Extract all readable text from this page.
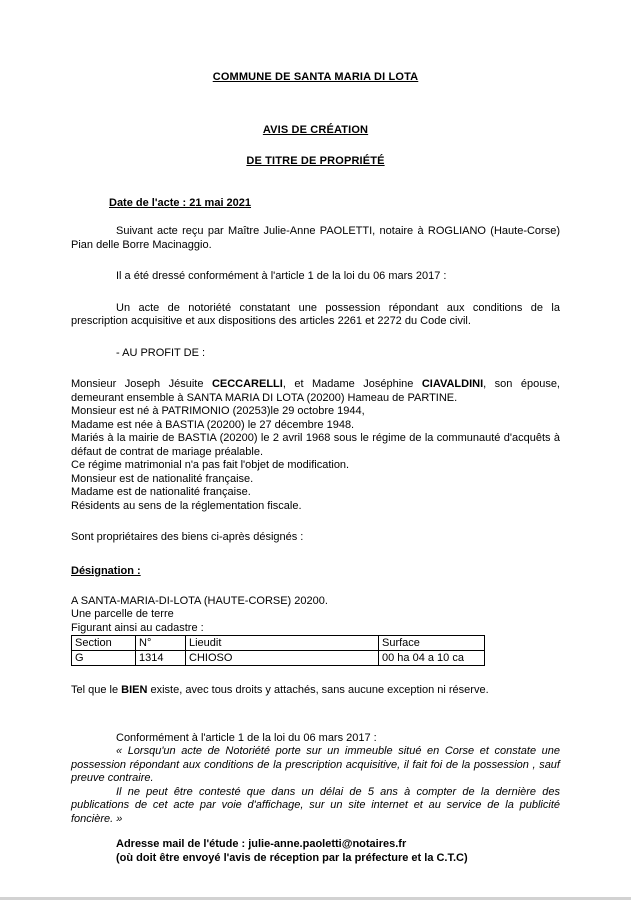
COMMUNE DE SANTA MARIA DI LOTA
AVIS DE CRÉATION
DE TITRE DE PROPRIÉTÉ
Date de l'acte : 21 mai 2021

Suivant acte reçu par Maître Julie-Anne PAOLETTI, notaire à ROGLIANO (Haute-Corse) Pian delle Borre Macinaggio.

Il a été dressé conformément à l'article 1 de la loi du 06 mars 2017 :

Un acte de notoriété constatant une possession répondant aux conditions de la prescription acquisitive et aux dispositions des articles 2261 et 2272 du Code civil.

- AU PROFIT DE :

Monsieur Joseph Jésuite CECCARELLI, et Madame Joséphine CIAVALDINI, son épouse, demeurant ensemble à SANTA MARIA DI LOTA (20200) Hameau de PARTINE.
Monsieur est né à PATRIMONIO (20253)le 29 octobre 1944,
Madame est née à BASTIA (20200) le 27 décembre 1948.
Mariés à la mairie de BASTIA (20200) le 2 avril 1968 sous le régime de la communauté d'acquêts à défaut de contrat de mariage préalable.
Ce régime matrimonial n'a pas fait l'objet de modification.
Monsieur est de nationalité française.
Madame est de nationalité française.
Résidents au sens de la réglementation fiscale.

Sont propriétaires des biens ci-après désignés :

Désignation :
A SANTA-MARIA-DI-LOTA (HAUTE-CORSE) 20200.
Une parcelle de terre
Figurant ainsi au cadastre :
Section	N°	Lieudit	Surface
G	1314	CHIOSO	00 ha 04 a 10 ca

Tel que le BIEN existe, avec tous droits y attachés, sans aucune exception ni réserve.

Conformément à l'article 1 de la loi du 06 mars 2017 :

« Lorsqu'un acte de Notoriété porte sur un immeuble situé en Corse et constate une possession répondant aux conditions de la prescription acquisitive, il fait foi de la possession , sauf preuve contraire.

Il ne peut être contesté que dans un délai de 5 ans à compter de la dernière des publications de cet acte par voie d'affichage, sur un site internet et au service de la publicité foncière. »

Adresse mail de l'étude : julie-anne.paoletti@notaires.fr
(où doit être envoyé l'avis de réception par la préfecture et la C.T.C)
